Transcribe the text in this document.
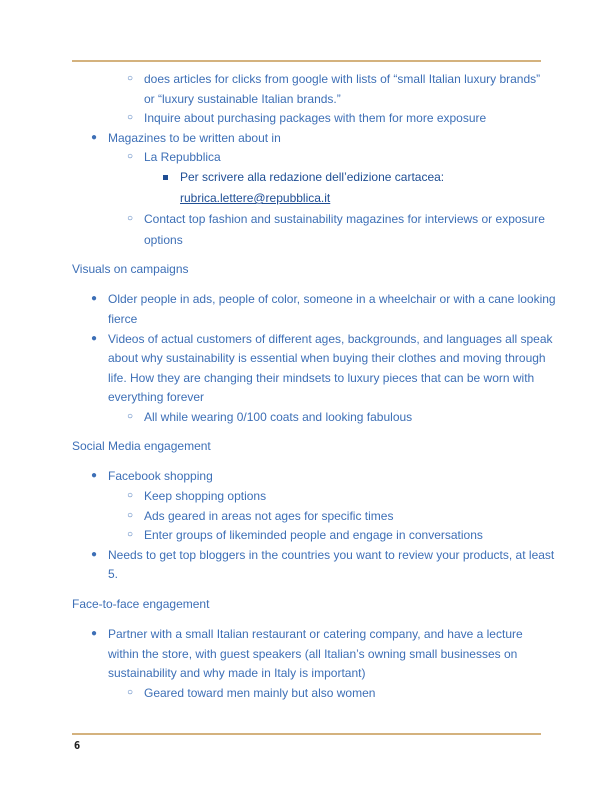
○ does articles for clicks from google with lists of “small Italian luxury brands”
or “luxury sustainable Italian brands.”
○ Inquire about purchasing packages with them for more exposure
● Magazines to be written about in
○ La Repubblica
Per scrivere alla redazione dell’edizione cartacea:
rubrica.lettere@repubblica.it
○ Contact top fashion and sustainability magazines for interviews or exposure
options
Visuals on campaigns
● Older people in ads, people of color, someone in a wheelchair or with a cane looking
fierce
● Videos of actual customers of different ages, backgrounds, and languages all speak
about why sustainability is essential when buying their clothes and moving through
life. How they are changing their mindsets to luxury pieces that can be worn with
everything forever
○ All while wearing 0/100 coats and looking fabulous
Social Media engagement
● Facebook shopping
○ Keep shopping options
○ Ads geared in areas not ages for specific times
○ Enter groups of likeminded people and engage in conversations
● Needs to get top bloggers in the countries you want to review your products, at least
5.
Face-to-face engagement
● Partner with a small Italian restaurant or catering company, and have a lecture
within the store, with guest speakers (all Italian’s owning small businesses on
sustainability and why made in Italy is important)
○ Geared toward men mainly but also women
6
